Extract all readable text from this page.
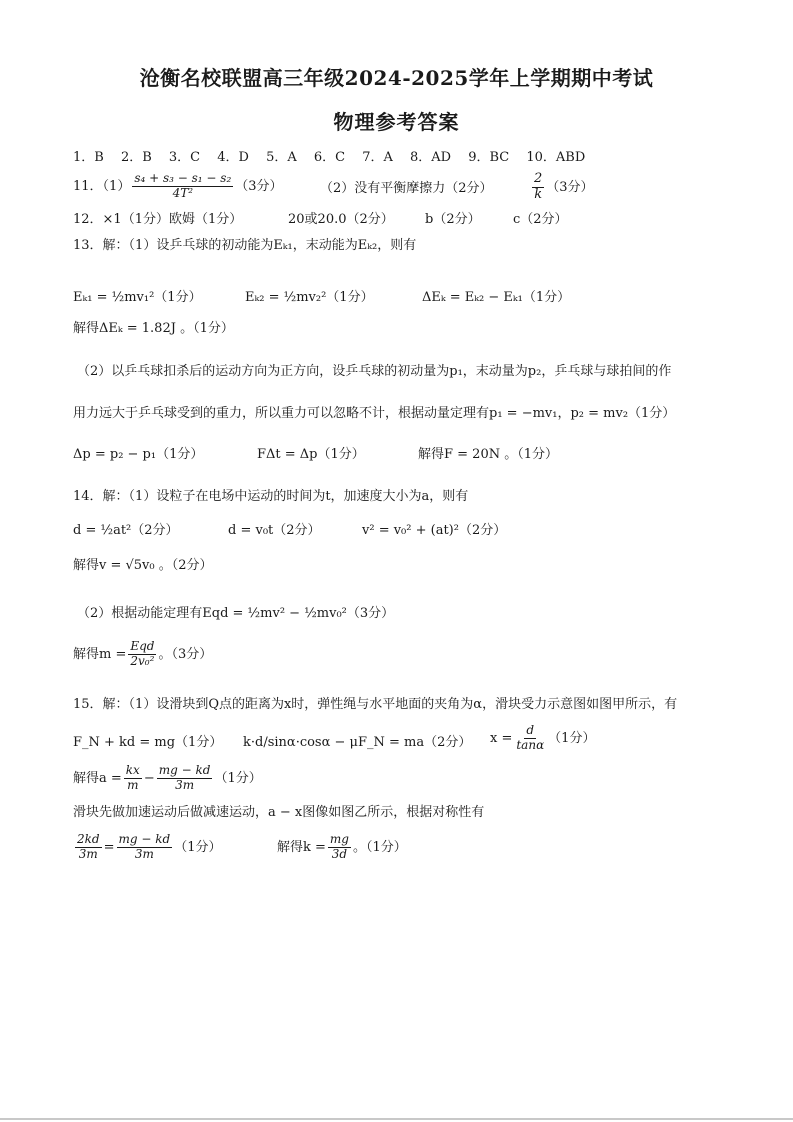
沧衡名校联盟高三年级2024-2025学年上学期期中考试
物理参考答案
1．B　 2．B　 3．C　 4．D　 5．A　 6．C　 7．A　 8．AD　 9．BC　 10．ABD
11．$(1) \frac{\text{s₄ + s₃ − s₁ − s₂}}{\text{4T²}} (3$分）	（2）没有平衡摩擦力（2分）	$\frac{2}{k} (3$分）
12．×1（1分）欧姆（1分）	20或20.0（2分） b（2分） c（2分）
13．解：（1）设乒乓球的初动能为Eₖ₁，末动能为Eₖ₂，则有
Eₖ₁ = ½mv₁²（1分）	Eₖ₂ = ½mv₂²（1分）	ΔEₖ = Eₖ₂ − Eₖ₁（1分）
解得ΔEₖ = 1.82J 。（1分）
（2）以乒乓球扣杀后的运动方向为正方向，设乒乓球的初动量为p₁，末动量为p₂，乒乓球与球拍间的作
用力远大于乒乓球受到的重力，所以重力可以忽略不计，根据动量定理有p₁ = −mv₁，p₂ = mv₂（1分）
Δp = p₂ − p₁（1分）	FΔt = Δp（1分）	解得F = 20N 。（1分）
14．解：（1）设粒子在电场中运动的时间为t，加速度大小为a，则有
d = ½at²（2分）	d = v₀t（2分）	v² = v₀² + (at)²（2分）
解得v = √5v₀ 。（2分）
（2）根据动能定理有Eqd = ½mv² − ½mv₀²（3分）
解得$m = \frac{\text{Eqd}}{\text{2v₀²}}$ 。（3分）
15．解：（1）设滑块到Q点的距离为x时，弹性绳与水平地面的夹角为α，滑块受力示意图如图甲所示，有
F_N + kd = mg（1分） k·d/sinα·cosα − μF_N = ma（2分） $x = \frac{d}{\tan\alpha} (1$分）
解得$a = \frac{kx}{m} - \frac{mg - kd}{3m} (1$分）
滑块先做加速运动后做减速运动，a − x图像如图乙所示，根据对称性有
$\frac{2kd}{3m} = \frac{mg - kd}{3m} (1$分）	解得$k = \frac{mg}{3d}$ 。（1分）
